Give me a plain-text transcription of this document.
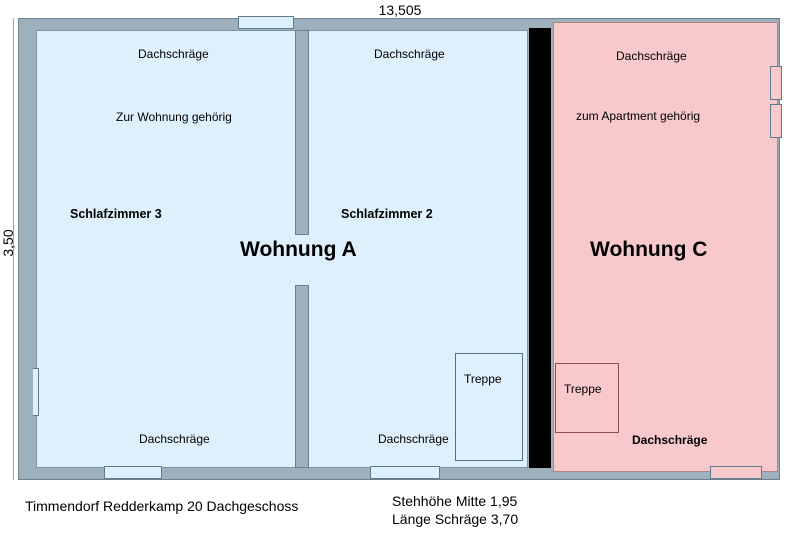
13,505
3,50
Treppe
Treppe
Dachschräge	Dachschräge
Zur Wohnung gehörig
Schlafzimmer 3	Schlafzimmer 2
Wohnung A
Dachschräge	Dachschräge
Dachschräge
zum Apartment gehörig
Wohnung C
Dachschräge
Timmendorf Redderkamp 20 Dachgeschoss	Stehhöhe Mitte 1,95
Länge Schräge 3,70
